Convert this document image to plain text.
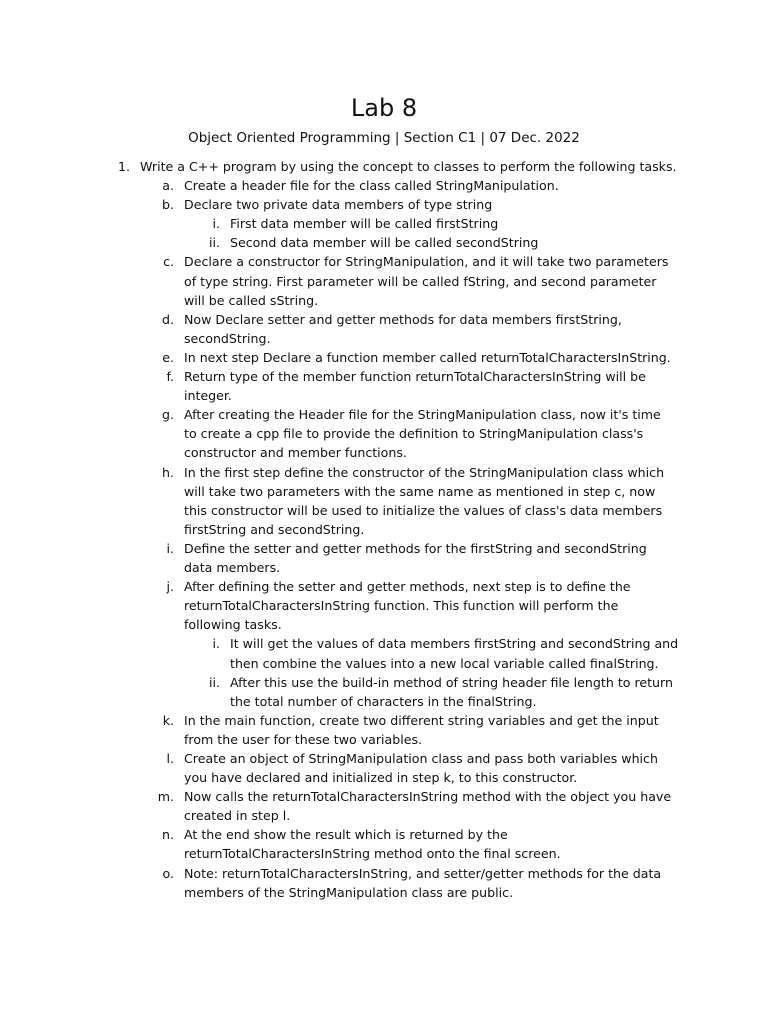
Lab 8
Object Oriented Programming | Section C1 | 07 Dec. 2022
1. Write a C++ program by using the concept to classes to perform the following tasks.
a. Create a header file for the class called StringManipulation.
b. Declare two private data members of type string
i. First data member will be called firstString
ii. Second data member will be called secondString
c. Declare a constructor for StringManipulation, and it will take two parameters
of type string. First parameter will be called fString, and second parameter
will be called sString.
d. Now Declare setter and getter methods for data members firstString,
secondString.
e. In next step Declare a function member called returnTotalCharactersInString.
f. Return type of the member function returnTotalCharactersInString will be
integer.
g. After creating the Header file for the StringManipulation class, now it's time
to create a cpp file to provide the definition to StringManipulation class's
constructor and member functions.
h. In the first step define the constructor of the StringManipulation class which
will take two parameters with the same name as mentioned in step c, now
this constructor will be used to initialize the values of class's data members
firstString and secondString.
i. Define the setter and getter methods for the firstString and secondString
data members.
j. After defining the setter and getter methods, next step is to define the
returnTotalCharactersInString function. This function will perform the
following tasks.
i. It will get the values of data members firstString and secondString and
then combine the values into a new local variable called finalString.
ii. After this use the build-in method of string header file length to return
the total number of characters in the finalString.
k. In the main function, create two different string variables and get the input
from the user for these two variables.
l. Create an object of StringManipulation class and pass both variables which
you have declared and initialized in step k, to this constructor.
m. Now calls the returnTotalCharactersInString method with the object you have
created in step l.
n. At the end show the result which is returned by the
returnTotalCharactersInString method onto the final screen.
o. Note: returnTotalCharactersInString, and setter/getter methods for the data
members of the StringManipulation class are public.
